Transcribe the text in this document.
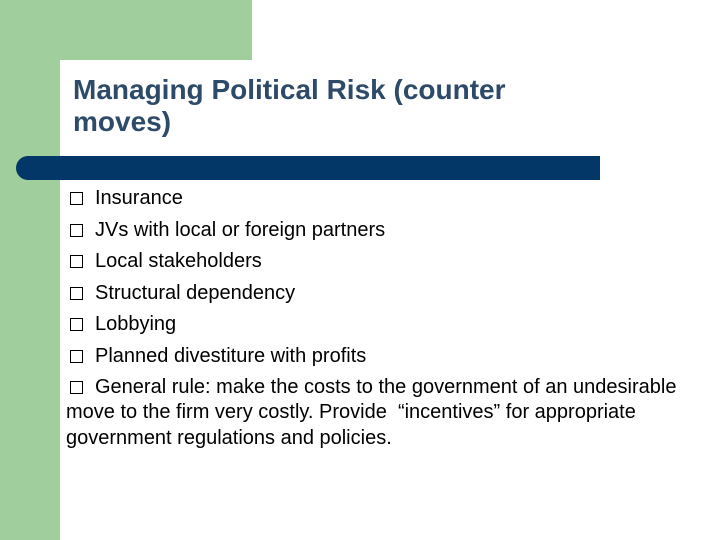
Managing Political Risk (counter
moves)
Insurance
JVs with local or foreign partners
Local stakeholders
Structural dependency
Lobbying
Planned divestiture with profits
General rule: make the costs to the government of an undesirable move to the firm very costly. Provide  “incentives” for appropriate government regulations and policies.
